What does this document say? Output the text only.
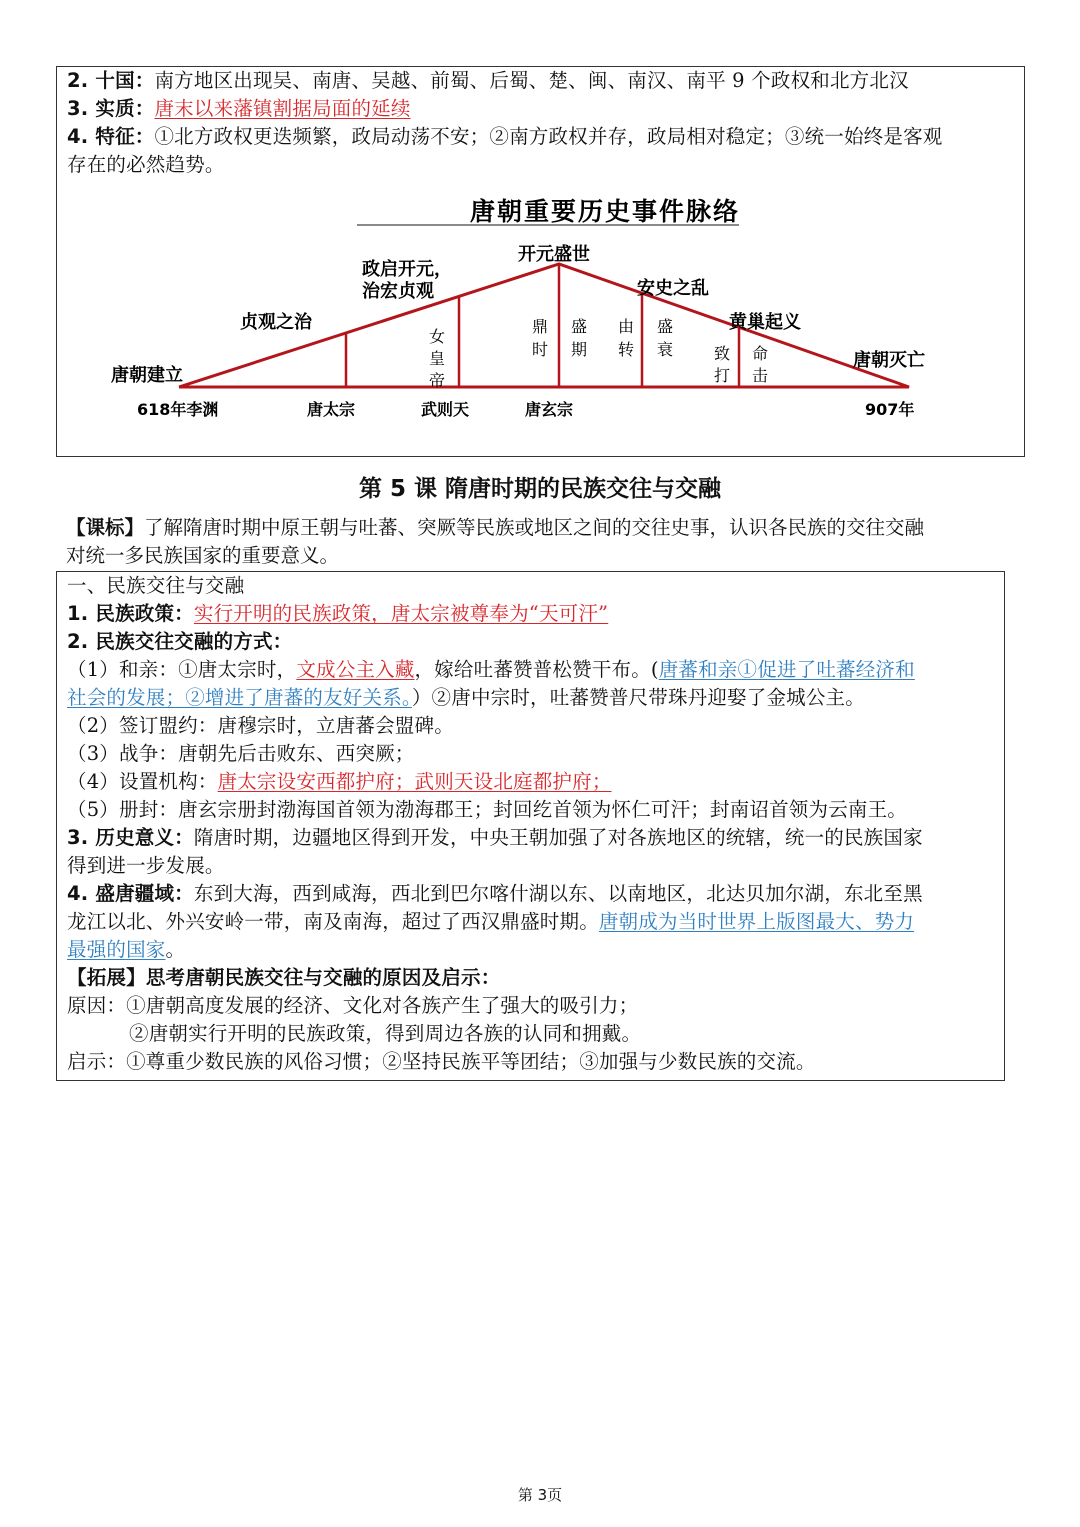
2. 十国：南方地区出现吴、南唐、吴越、前蜀、后蜀、楚、闽、南汉、南平 9 个政权和北方北汉
3. 实质：唐末以来藩镇割据局面的延续
4. 特征：①北方政权更迭频繁，政局动荡不安；②南方政权并存，政局相对稳定；③统一始终是客观
存在的必然趋势。
唐朝重要历史事件脉络
开元盛世
政启开元，
治宏贞观
贞观之治
安史之乱
黄巢起义
唐朝建立
唐朝灭亡
女
皇
帝
鼎
时
盛
期
由
转
盛
衰	致
打
命
击
618年李渊	唐太宗	武则天	唐玄宗	907年
第 5 课 隋唐时期的民族交往与交融
【课标】了解隋唐时期中原王朝与吐蕃、突厥等民族或地区之间的交往史事，认识各民族的交往交融
对统一多民族国家的重要意义。
一、民族交往与交融
1. 民族政策：实行开明的民族政策，唐太宗被尊奉为“天可汗”
2. 民族交往交融的方式：
（1）和亲：①唐太宗时，文成公主入藏，嫁给吐蕃赞普松赞干布。(唐蕃和亲①促进了吐蕃经济和
社会的发展；②增进了唐蕃的友好关系。）②唐中宗时，吐蕃赞普尺带珠丹迎娶了金城公主。
（2）签订盟约：唐穆宗时，立唐蕃会盟碑。
（3）战争：唐朝先后击败东、西突厥；
（4）设置机构：唐太宗设安西都护府；武则天设北庭都护府；
（5）册封：唐玄宗册封渤海国首领为渤海郡王；封回纥首领为怀仁可汗；封南诏首领为云南王。
3. 历史意义：隋唐时期，边疆地区得到开发，中央王朝加强了对各族地区的统辖，统一的民族国家
得到进一步发展。
4. 盛唐疆域：东到大海，西到咸海，西北到巴尔喀什湖以东、以南地区，北达贝加尔湖，东北至黑
龙江以北、外兴安岭一带，南及南海，超过了西汉鼎盛时期。唐朝成为当时世界上版图最大、势力
最强的国家。
【拓展】思考唐朝民族交往与交融的原因及启示：
原因：①唐朝高度发展的经济、文化对各族产生了强大的吸引力；
②唐朝实行开明的民族政策，得到周边各族的认同和拥戴。
启示：①尊重少数民族的风俗习惯；②坚持民族平等团结；③加强与少数民族的交流。
第 3页
